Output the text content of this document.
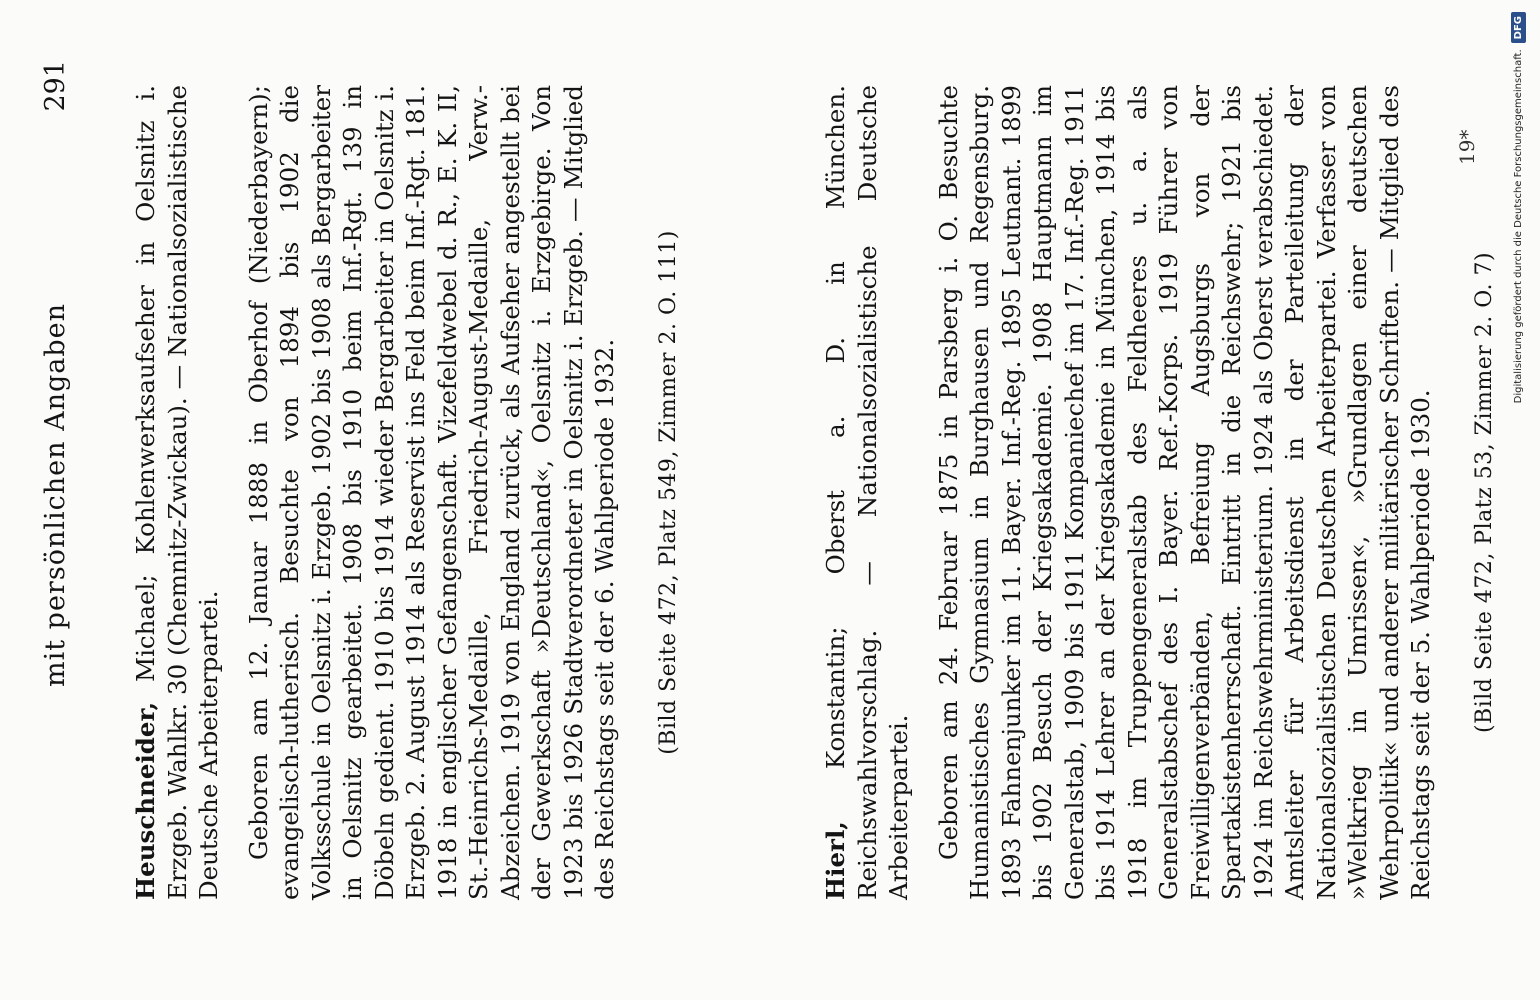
mit persönlichen Angaben
291

Heuschneider, Michael; Kohlenwerksaufseher in Oelsnitz i. Erzgeb. Wahlkr. 30 (Chemnitz-Zwickau). — Nationalsozialistische Deutsche Arbeiterpartei. Geboren am 12. Januar 1888 in Oberhof (Niederbayern); evangelisch-lutherisch. Besuchte von 1894 bis 1902 die Volksschule in Oelsnitz i. Erzgeb. 1902 bis 1908 als Bergarbeiter in Oelsnitz gearbeitet. 1908 bis 1910 beim Inf.-Rgt. 139 in Döbeln gedient. 1910 bis 1914 wieder Bergarbeiter in Oelsnitz i. Erzgeb. 2. August 1914 als Reservist ins Feld beim Inf.-Rgt. 181. 1918 in englischer Gefangenschaft. Vizefeldwebel d. R., E. K. II, St.-Heinrichs-Medaille, Friedrich-August-Medaille, Verw.-Abzeichen. 1919 von England zurück, als Aufseher angestellt bei der Gewerkschaft »Deutschland«, Oelsnitz i. Erzgebirge. Von 1923 bis 1926 Stadtverordneter in Oelsnitz i. Erzgeb. — Mitglied des Reichstags seit der 6. Wahlperiode 1932. (Bild Seite 472, Platz 549, Zimmer 2. O. 111)

Hierl, Konstantin; Oberst a. D. in München. Reichswahlvorschlag. — Nationalsozialistische Deutsche Arbeiterpartei. Geboren am 24. Februar 1875 in Parsberg i. O. Besuchte Humanistisches Gymnasium in Burghausen und Regensburg. 1893 Fahnenjunker im 11. Bayer. Inf.-Reg. 1895 Leutnant. 1899 bis 1902 Besuch der Kriegsakademie. 1908 Hauptmann im Generalstab, 1909 bis 1911 Kompaniechef im 17. Inf.-Reg. 1911 bis 1914 Lehrer an der Kriegsakademie in München, 1914 bis 1918 im Truppengeneralstab des Feldheeres u. a. als Generalstabschef des I. Bayer. Ref.-Korps. 1919 Führer von Freiwilligenverbänden, Befreiung Augsburgs von der Spartakistenherrschaft. Eintritt in die Reichswehr; 1921 bis 1924 im Reichswehrministerium. 1924 als Oberst verabschiedet. Amtsleiter für Arbeitsdienst in der Parteileitung der Nationalsozialistischen Deutschen Arbeiterpartei. Verfasser von »Weltkrieg in Umrissen«, »Grundlagen einer deutschen Wehrpolitik« und anderer militärischer Schriften. — Mitglied des Reichstags seit der 5. Wahlperiode 1930. (Bild Seite 472, Platz 53, Zimmer 2. O. 7)
19*	Digitalisierung gefördert durch die Deutsche Forschungsgemeinschaft.
DFG
